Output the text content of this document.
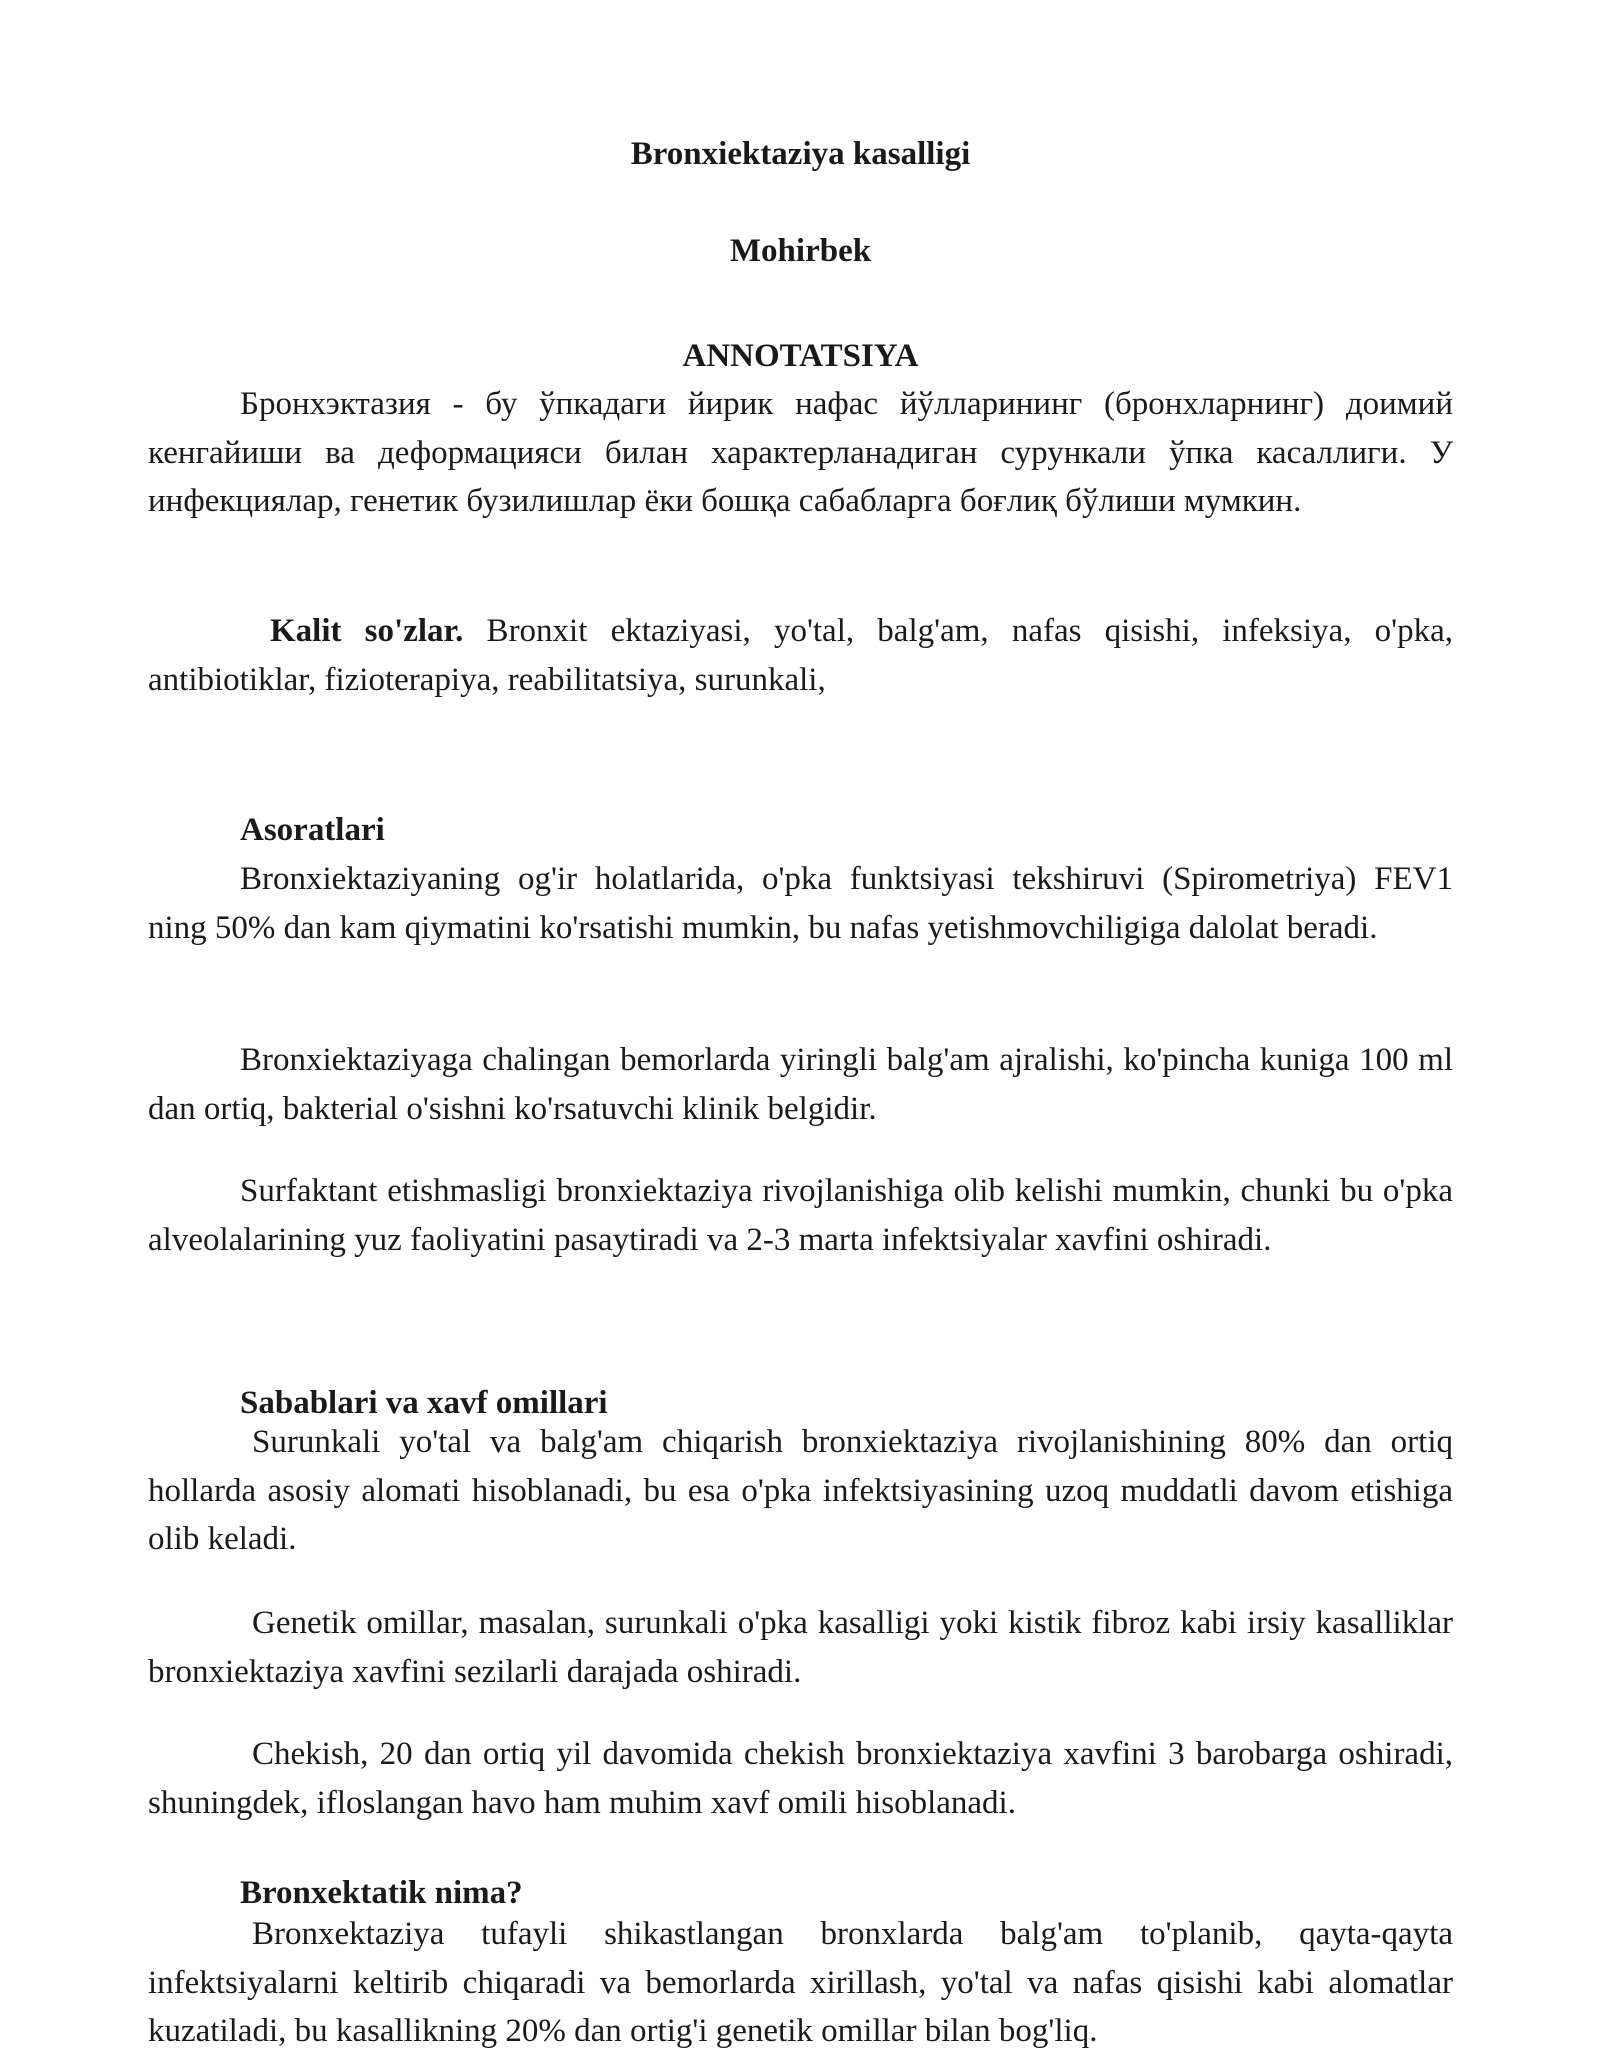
Bronxiektaziya kasalligi
Mohirbek
ANNOTATSIYA

Бронхэктазия - бу ўпкадаги йирик нафас йўлларининг (бронхларнинг) доимий кенгайиши ва деформацияси билан характерланадиган сурункали ўпка касаллиги. У инфекциялар, генетик бузилишлар ёки бошқа сабабларга боғлиқ бўлиши мумкин.

Kalit so'zlar. Bronxit ektaziyasi, yo'tal, balg'am, nafas qisishi, infeksiya, o'pka, antibiotiklar, fizioterapiya, reabilitatsiya, surunkali,

Asoratlari

Bronxiektaziyaning og'ir holatlarida, o'pka funktsiyasi tekshiruvi (Spirometriya) FEV1 ning 50% dan kam qiymatini ko'rsatishi mumkin, bu nafas yetishmovchiligiga dalolat beradi.

Bronxiektaziyaga chalingan bemorlarda yiringli balg'am ajralishi, ko'pincha kuniga 100 ml dan ortiq, bakterial o'sishni ko'rsatuvchi klinik belgidir.

Surfaktant etishmasligi bronxiektaziya rivojlanishiga olib kelishi mumkin, chunki bu o'pka alveolalarining yuz faoliyatini pasaytiradi va 2-3 marta infektsiyalar xavfini oshiradi.

Sabablari va xavf omillari

Surunkali yo'tal va balg'am chiqarish bronxiektaziya rivojlanishining 80% dan ortiq hollarda asosiy alomati hisoblanadi, bu esa o'pka infektsiyasining uzoq muddatli davom etishiga olib keladi.

Genetik omillar, masalan, surunkali o'pka kasalligi yoki kistik fibroz kabi irsiy kasalliklar bronxiektaziya xavfini sezilarli darajada oshiradi.

Chekish, 20 dan ortiq yil davomida chekish bronxiektaziya xavfini 3 barobarga oshiradi, shuningdek, ifloslangan havo ham muhim xavf omili hisoblanadi.

Bronxektatik nima?

Bronxektaziya tufayli shikastlangan bronxlarda balg'am to'planib, qayta-qayta infektsiyalarni keltirib chiqaradi va bemorlarda xirillash, yo'tal va nafas qisishi kabi alomatlar kuzatiladi, bu kasallikning 20% dan ortig'i genetik omillar bilan bog'liq.
